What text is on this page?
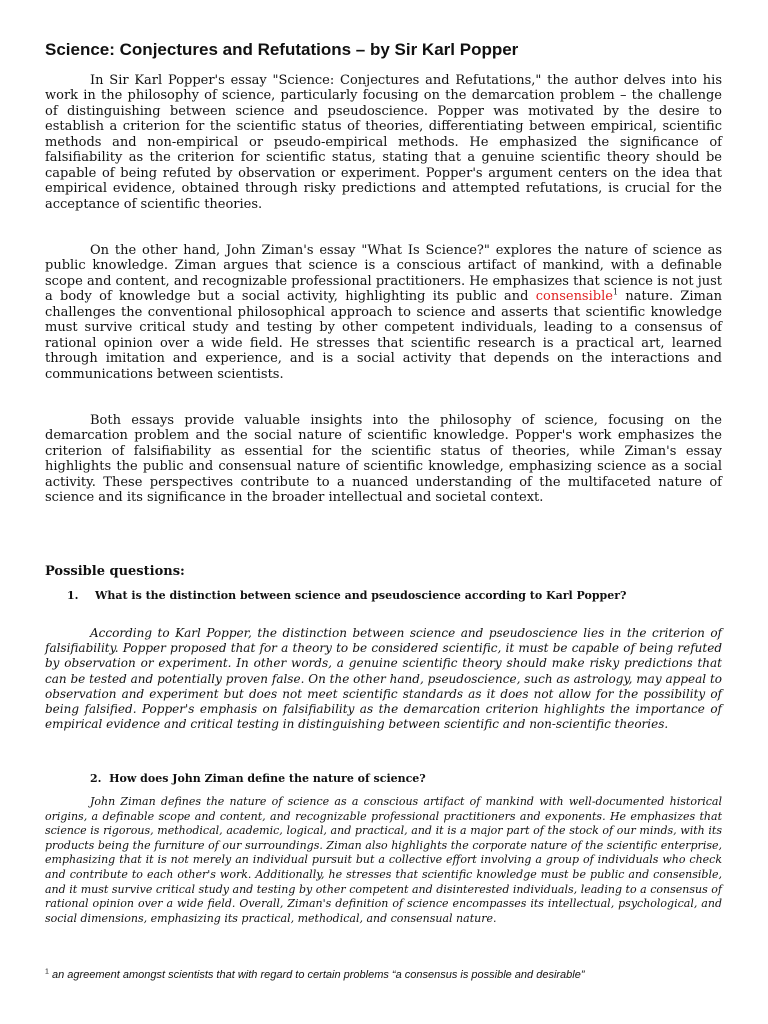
Science: Conjectures and Refutations – by Sir Karl Popper

In Sir Karl Popper's essay "Science: Conjectures and Refutations," the author delves into his work in the philosophy of science, particularly focusing on the demarcation problem – the challenge of distinguishing between science and pseudoscience. Popper was motivated by the desire to establish a criterion for the scientific status of theories, differentiating between empirical, scientific methods and non-empirical or pseudo-empirical methods. He emphasized the significance of falsifiability as the criterion for scientific status, stating that a genuine scientific theory should be capable of being refuted by observation or experiment. Popper's argument centers on the idea that empirical evidence, obtained through risky predictions and attempted refutations, is crucial for the acceptance of scientific theories.

On the other hand, John Ziman's essay "What Is Science?" explores the nature of science as public knowledge. Ziman argues that science is a conscious artifact of mankind, with a definable scope and content, and recognizable professional practitioners. He emphasizes that science is not just a body of knowledge but a social activity, highlighting its public and consensible$^1$ nature. Ziman challenges the conventional philosophical approach to science and asserts that scientific knowledge must survive critical study and testing by other competent individuals, leading to a consensus of rational opinion over a wide field. He stresses that scientific research is a practical art, learned through imitation and experience, and is a social activity that depends on the interactions and communications between scientists.

Both essays provide valuable insights into the philosophy of science, focusing on the demarcation problem and the social nature of scientific knowledge. Popper's work emphasizes the criterion of falsifiability as essential for the scientific status of theories, while Ziman's essay highlights the public and consensual nature of scientific knowledge, emphasizing science as a social activity. These perspectives contribute to a nuanced understanding of the multifaceted nature of science and its significance in the broader intellectual and societal context.

Possible questions:
1.	What is the distinction between science and pseudoscience according to Karl Popper?

According to Karl Popper, the distinction between science and pseudoscience lies in the criterion of falsifiability. Popper proposed that for a theory to be considered scientific, it must be capable of being refuted by observation or experiment. In other words, a genuine scientific theory should make risky predictions that can be tested and potentially proven false. On the other hand, pseudoscience, such as astrology, may appeal to observation and experiment but does not meet scientific standards as it does not allow for the possibility of being falsified. Popper's emphasis on falsifiability as the demarcation criterion highlights the importance of empirical evidence and critical testing in distinguishing between scientific and non-scientific theories.

2. How does John Ziman define the nature of science?

John Ziman defines the nature of science as a conscious artifact of mankind with well-documented historical origins, a definable scope and content, and recognizable professional practitioners and exponents. He emphasizes that science is rigorous, methodical, academic, logical, and practical, and it is a major part of the stock of our minds, with its products being the furniture of our surroundings. Ziman also highlights the corporate nature of the scientific enterprise, emphasizing that it is not merely an individual pursuit but a collective effort involving a group of individuals who check and contribute to each other's work. Additionally, he stresses that scientific knowledge must be public and consensible, and it must survive critical study and testing by other competent and disinterested individuals, leading to a consensus of rational opinion over a wide field. Overall, Ziman's definition of science encompasses its intellectual, psychological, and social dimensions, emphasizing its practical, methodical, and consensual nature.

$^1$ an agreement amongst scientists that with regard to certain problems “a consensus is possible and desirable”
